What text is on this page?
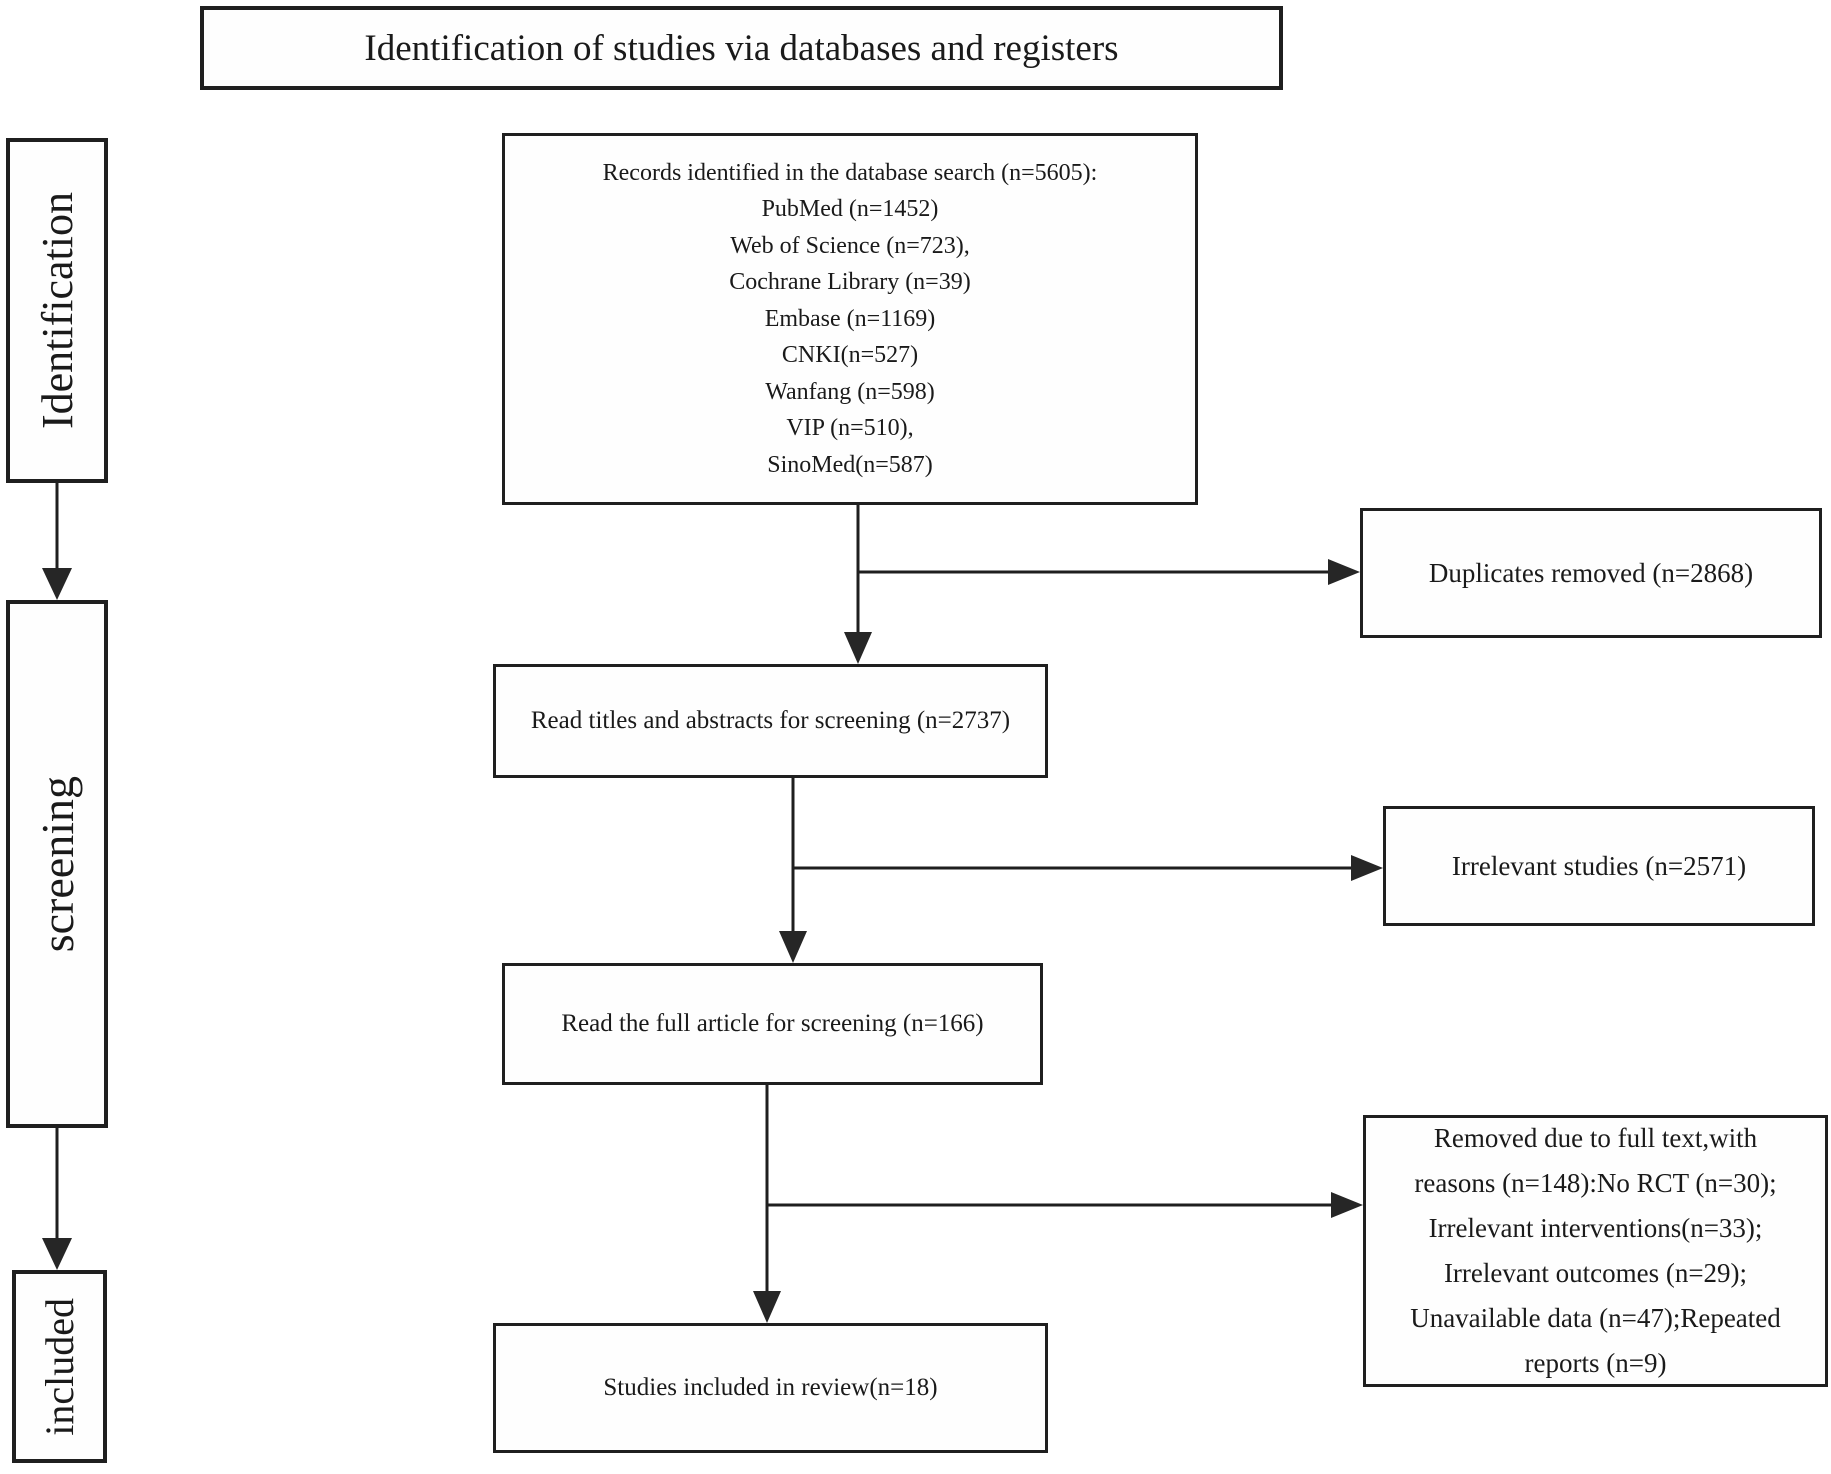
Identification of studies via databases and registers
Identification
screening
included
Records identified in the database search (n=5605):
PubMed (n=1452)
Web of Science (n=723),
Cochrane Library (n=39)
Embase (n=1169)
CNKI(n=527)
Wanfang (n=598)
VIP (n=510),
SinoMed(n=587)
Read titles and abstracts for screening (n=2737)
Read the full article for screening (n=166)
Studies included in review(n=18)
Duplicates removed (n=2868)
Irrelevant studies (n=2571)
Removed due to full text,with
reasons (n=148):No RCT (n=30);
Irrelevant interventions(n=33);
Irrelevant outcomes (n=29);
Unavailable data (n=47);Repeated
reports (n=9)
